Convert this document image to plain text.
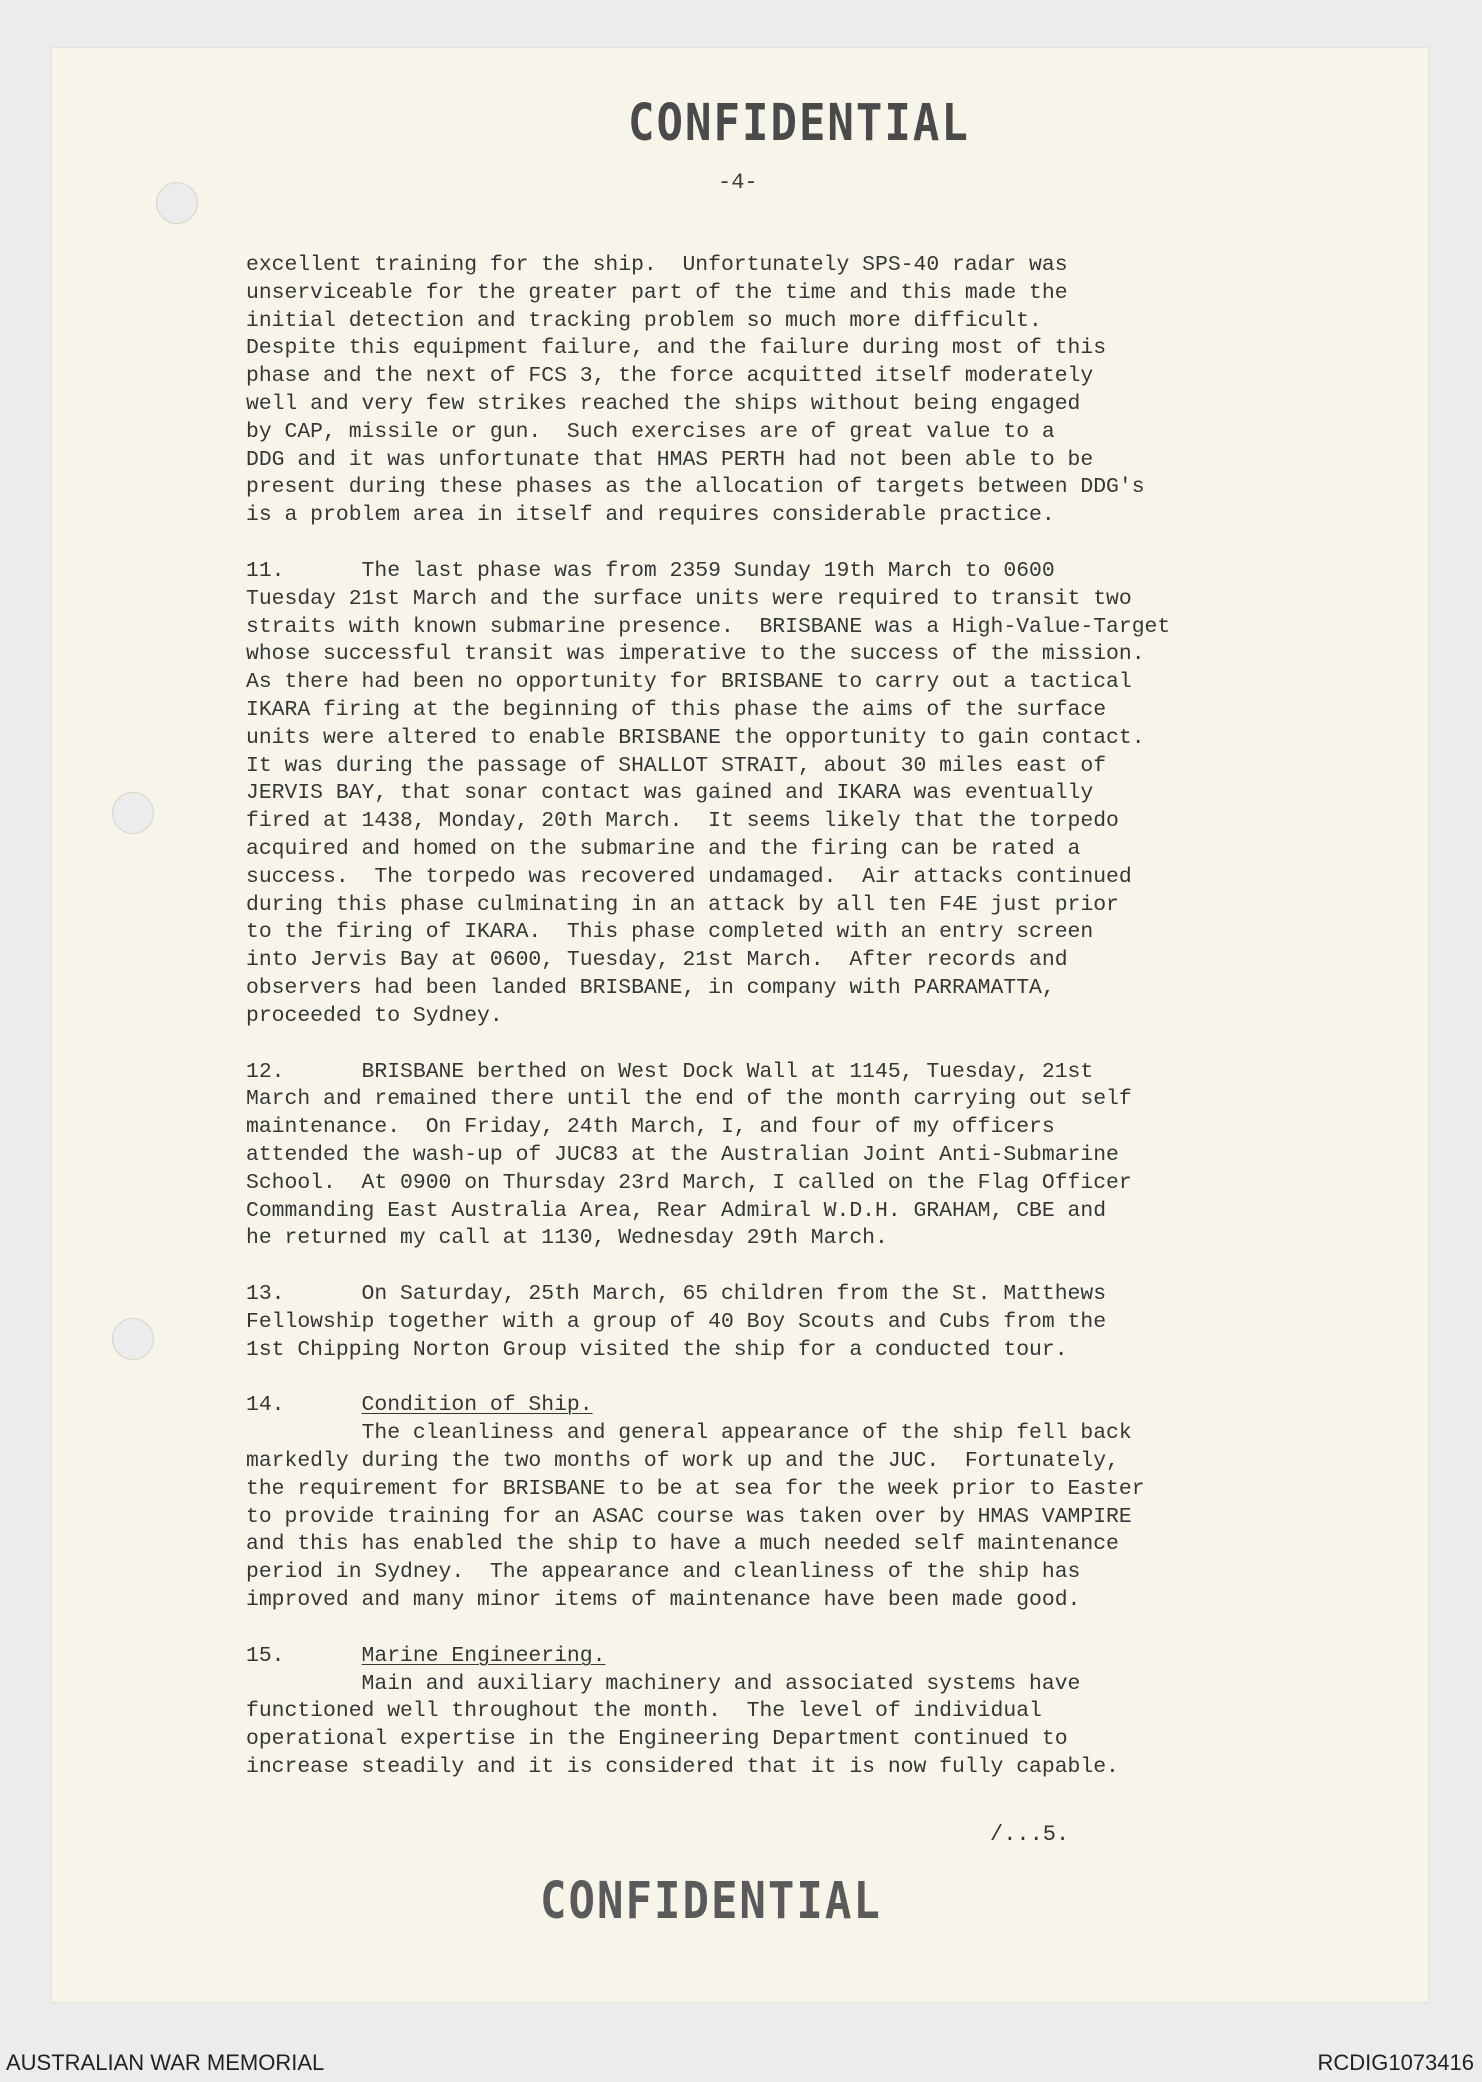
CONFIDENTIAL
-4-

excellent training for the ship.  Unfortunately SPS-40 radar was
unserviceable for the greater part of the time and this made the
initial detection and tracking problem so much more difficult.
Despite this equipment failure, and the failure during most of this
phase and the next of FCS 3, the force acquitted itself moderately
well and very few strikes reached the ships without being engaged
by CAP, missile or gun.  Such exercises are of great value to a
DDG and it was unfortunate that HMAS PERTH had not been able to be
present during these phases as the allocation of targets between DDG's
is a problem area in itself and requires considerable practice.

11.      The last phase was from 2359 Sunday 19th March to 0600
Tuesday 21st March and the surface units were required to transit two
straits with known submarine presence.  BRISBANE was a High-Value-Target
whose successful transit was imperative to the success of the mission.
As there had been no opportunity for BRISBANE to carry out a tactical
IKARA firing at the beginning of this phase the aims of the surface
units were altered to enable BRISBANE the opportunity to gain contact.
It was during the passage of SHALLOT STRAIT, about 30 miles east of
JERVIS BAY, that sonar contact was gained and IKARA was eventually
fired at 1438, Monday, 20th March.  It seems likely that the torpedo
acquired and homed on the submarine and the firing can be rated a
success.  The torpedo was recovered undamaged.  Air attacks continued
during this phase culminating in an attack by all ten F4E just prior
to the firing of IKARA.  This phase completed with an entry screen
into Jervis Bay at 0600, Tuesday, 21st March.  After records and
observers had been landed BRISBANE, in company with PARRAMATTA,
proceeded to Sydney.

12.      BRISBANE berthed on West Dock Wall at 1145, Tuesday, 21st
March and remained there until the end of the month carrying out self
maintenance.  On Friday, 24th March, I, and four of my officers
attended the wash-up of JUC83 at the Australian Joint Anti-Submarine
School.  At 0900 on Thursday 23rd March, I called on the Flag Officer
Commanding East Australia Area, Rear Admiral W.D.H. GRAHAM, CBE and
he returned my call at 1130, Wednesday 29th March.

13.      On Saturday, 25th March, 65 children from the St. Matthews
Fellowship together with a group of 40 Boy Scouts and Cubs from the
1st Chipping Norton Group visited the ship for a conducted tour.

14.	Condition of Ship.
The cleanliness and general appearance of the ship fell back
markedly during the two months of work up and the JUC.  Fortunately,
the requirement for BRISBANE to be at sea for the week prior to Easter
to provide training for an ASAC course was taken over by HMAS VAMPIRE
and this has enabled the ship to have a much needed self maintenance
period in Sydney.  The appearance and cleanliness of the ship has
improved and many minor items of maintenance have been made good.

15.	Marine Engineering.
Main and auxiliary machinery and associated systems have
functioned well throughout the month.  The level of individual
operational expertise in the Engineering Department continued to
increase steadily and it is considered that it is now fully capable.

/...5.
CONFIDENTIAL
AUSTRALIAN WAR MEMORIAL	RCDIG1073416
